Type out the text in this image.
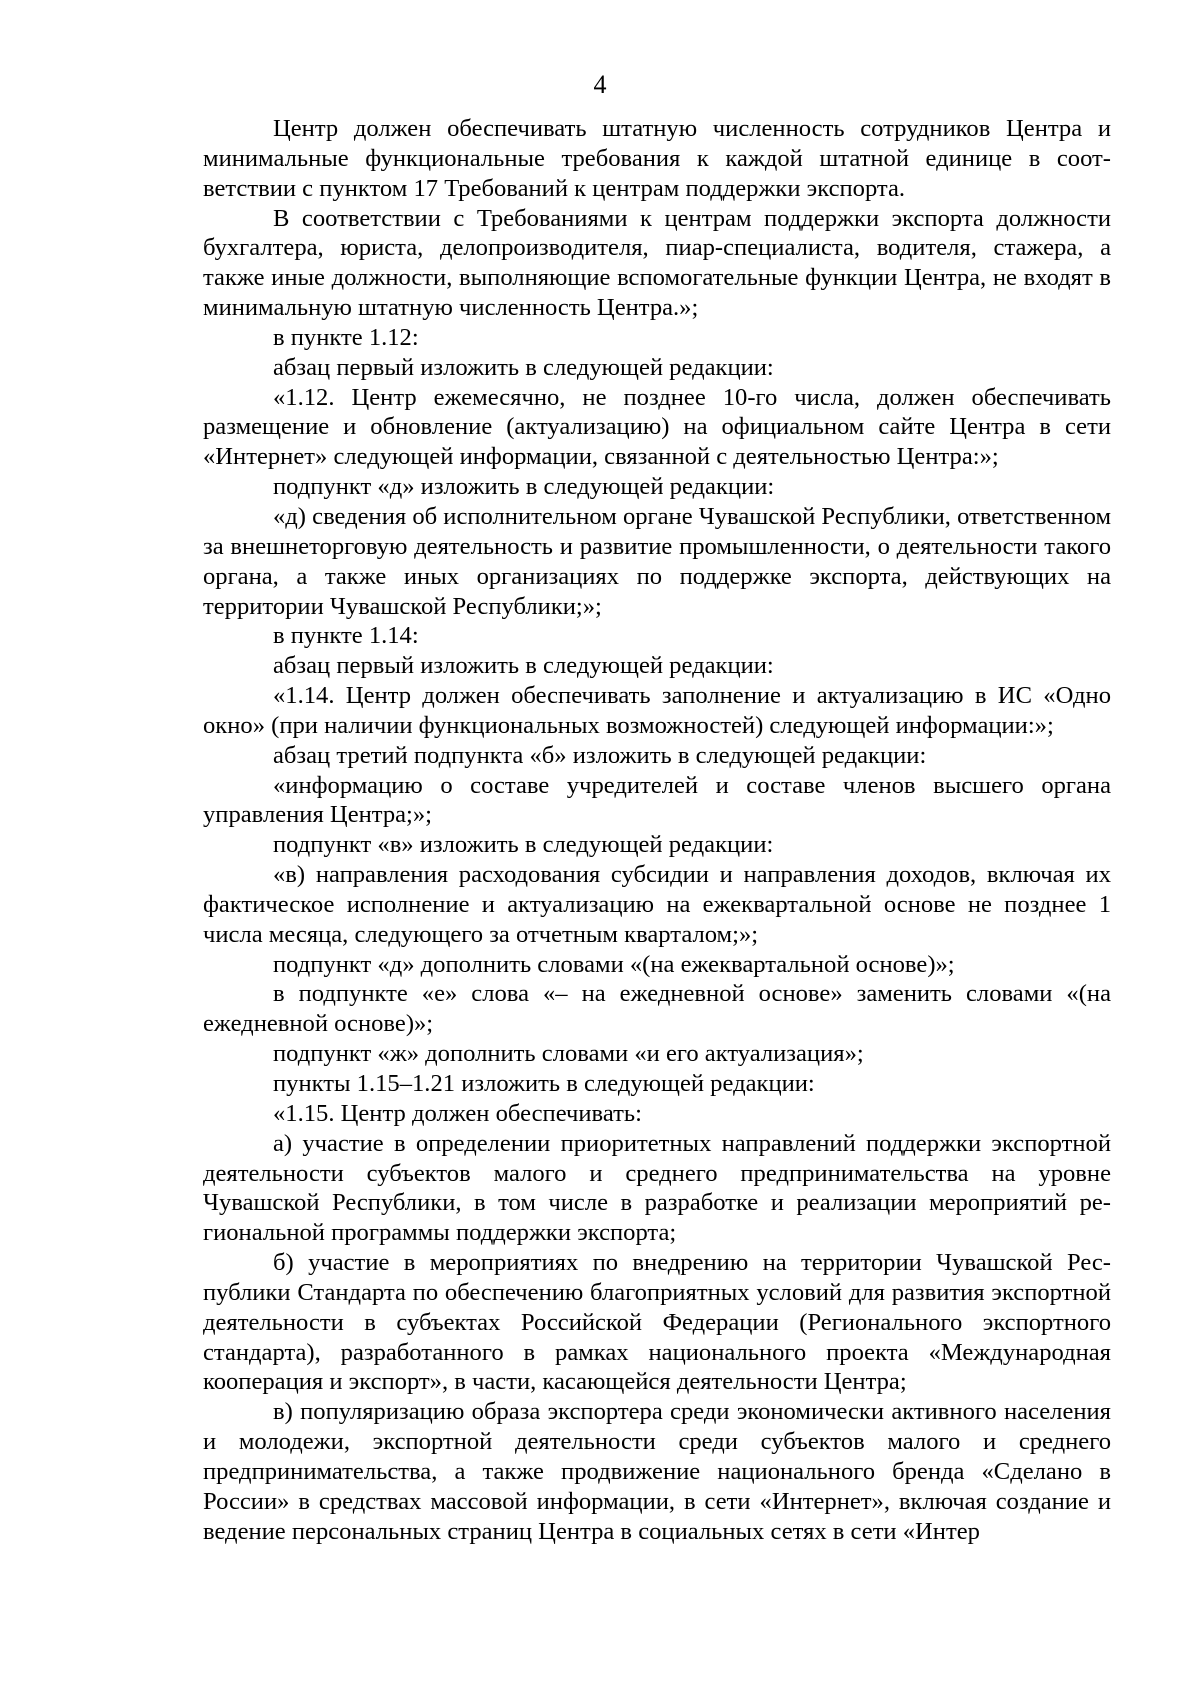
4

Центр должен обеспечивать штатную численность сотрудников Центра и минимальные функциональные требования к каждой штатной единице в соответствии с пунктом 17 Требований к центрам поддержки экспорта.

В соответствии с Требованиями к центрам поддержки экспорта должности бухгалтера, юриста, делопроизводителя, пиар-специалиста, водителя, стажера, а также иные должности, выполняющие вспомогательные функции Центра, не входят в минимальную штатную численность Центра.»;

в пункте 1.12:

абзац первый изложить в следующей редакции:

«1.12. Центр ежемесячно, не позднее 10-го числа, должен обеспечивать размещение и обновление (актуализацию) на официальном сайте Центра в сети «Интернет» следующей информации, связанной с деятельностью Центра:»;

подпункт «д» изложить в следующей редакции:

«д) сведения об исполнительном органе Чувашской Республики, ответственном за внешнеторговую деятельность и развитие промышленности, о деятельности такого органа, а также иных организациях по поддержке экспорта, действующих на территории Чувашской Республики;»;

в пункте 1.14:

абзац первый изложить в следующей редакции:

«1.14. Центр должен обеспечивать заполнение и актуализацию в ИС «Одно окно» (при наличии функциональных возможностей) следующей информации:»;

абзац третий подпункта «б» изложить в следующей редакции:

«информацию о составе учредителей и составе членов высшего органа управления Центра;»;

подпункт «в» изложить в следующей редакции:

«в) направления расходования субсидии и направления доходов, включая их фактическое исполнение и актуализацию на ежеквартальной основе не позднее 1 числа месяца, следующего за отчетным кварталом;»;

подпункт «д» дополнить словами «(на ежеквартальной основе)»;

в подпункте «е» слова «– на ежедневной основе» заменить словами «(на ежедневной основе)»;

подпункт «ж» дополнить словами «и его актуализация»;

пункты 1.15–1.21 изложить в следующей редакции:

«1.15. Центр должен обеспечивать:

а) участие в определении приоритетных направлений поддержки экспортной деятельности субъектов малого и среднего предпринимательства на уровне Чувашской Республики, в том числе в разработке и реализации мероприятий региональной программы поддержки экспорта;

б) участие в мероприятиях по внедрению на территории Чувашской Республики Стандарта по обеспечению благоприятных условий для развития экспортной деятельности в субъектах Российской Федерации (Регионального экспортного стандарта), разработанного в рамках национального проекта «Международная кооперация и экспорт», в части, касающейся деятельности Центра;

в) популяризацию образа экспортера среди экономически активного населения и молодежи, экспортной деятельности среди субъектов малого и среднего предпринимательства, а также продвижение национального бренда «Сделано в России» в средствах массовой информации, в сети «Интернет», включая создание и ведение персональных страниц Центра в социальных сетях в сети «Интер
